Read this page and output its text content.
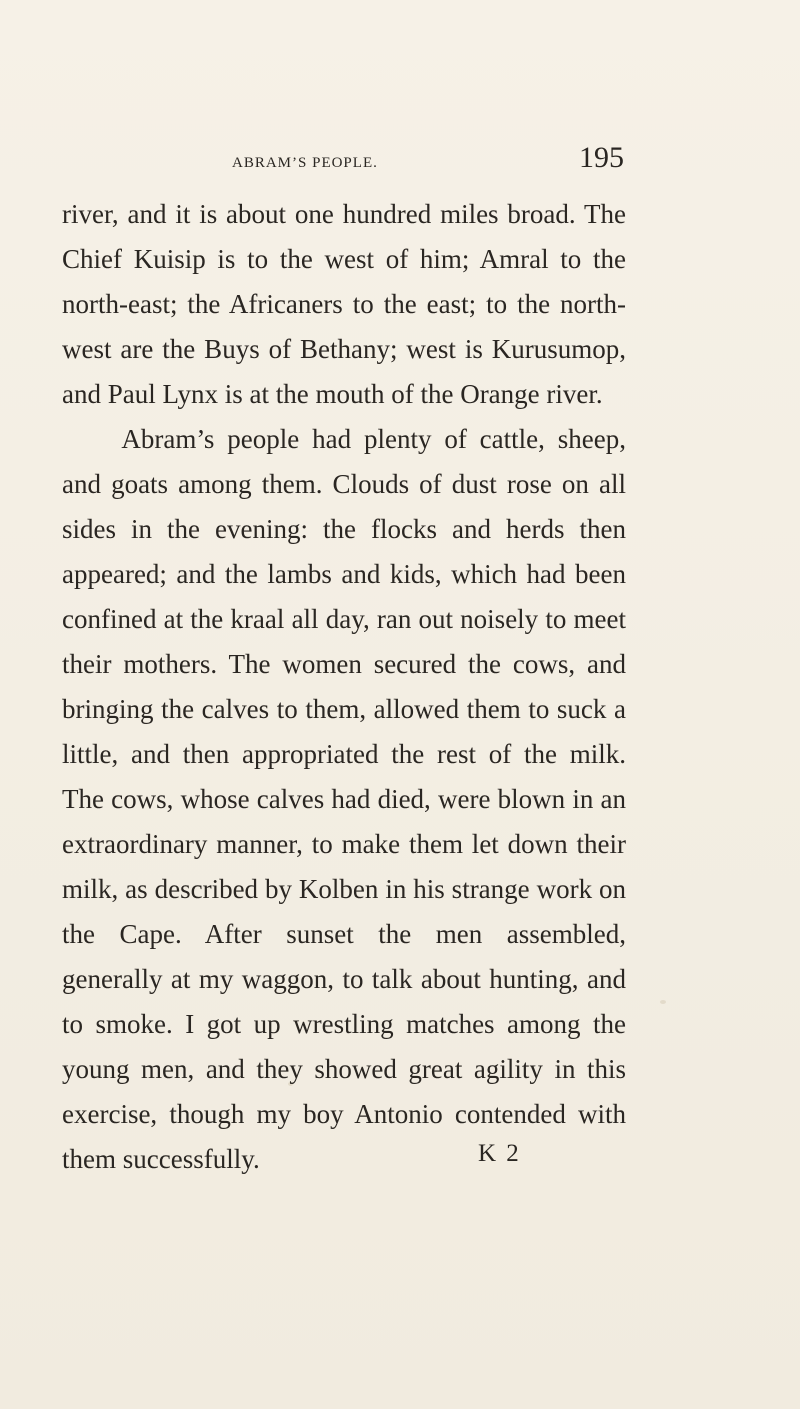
abram’s people.	195

river, and it is about one hundred miles broad. The Chief Kuisip is to the west of him; Amral to the north-east; the Africaners to the east; to the north-west are the Buys of Bethany; west is Kurusumop, and Paul Lynx is at the mouth of the Orange river.

Abram’s people had plenty of cattle, sheep, and goats among them. Clouds of dust rose on all sides in the evening: the flocks and herds then appeared; and the lambs and kids, which had been confined at the kraal all day, ran out noisely to meet their mothers. The women secured the cows, and bringing the calves to them, allowed them to suck a little, and then appropriated the rest of the milk. The cows, whose calves had died, were blown in an extraordinary manner, to make them let down their milk, as described by Kolben in his strange work on the Cape. After sunset the men assembled, generally at my waggon, to talk about hunting, and to smoke. I got up wrestling matches among the young men, and they showed great agility in this exercise, though my boy Antonio contended with them successfully.	K 2
